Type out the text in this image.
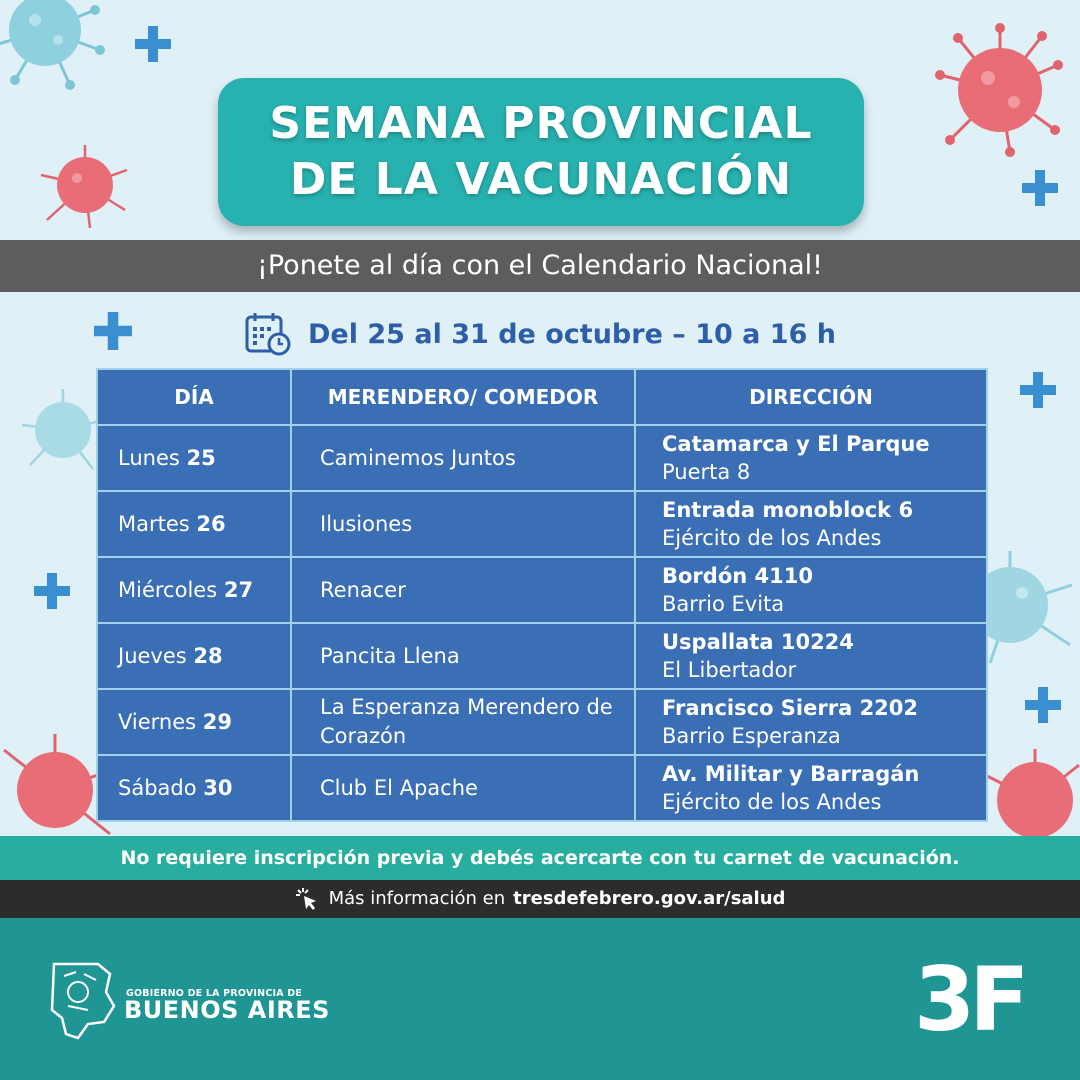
SEMANA PROVINCIAL
DE LA VACUNACIÓN
¡Ponete al día con el Calendario Nacional!
Del 25 al 31 de octubre – 10 a 16 h
DÍA	MERENDERO/ COMEDOR	DIRECCIÓN
Lunes 25	Caminemos Juntos	Catamarca y El Parque
Puerta 8

Martes 26	Ilusiones	Entrada monoblock 6
Ejército de los Andes

Miércoles 27	Renacer	Bordón 4110
Barrio Evita

Jueves 28	Pancita Llena	Uspallata 10224
El Libertador

Viernes 29	La Esperanza Merendero de Corazón	Francisco Sierra 2202
Barrio Esperanza

Sábado 30	Club El Apache	Av. Militar y Barragán
Ejército de los Andes
No requiere inscripción previa y debés acercarte con tu carnet de vacunación.
Más información en tresdefebrero.gov.ar/salud
GOBIERNO DE LA PROVINCIA DE
BUENOS AIRES	3F
